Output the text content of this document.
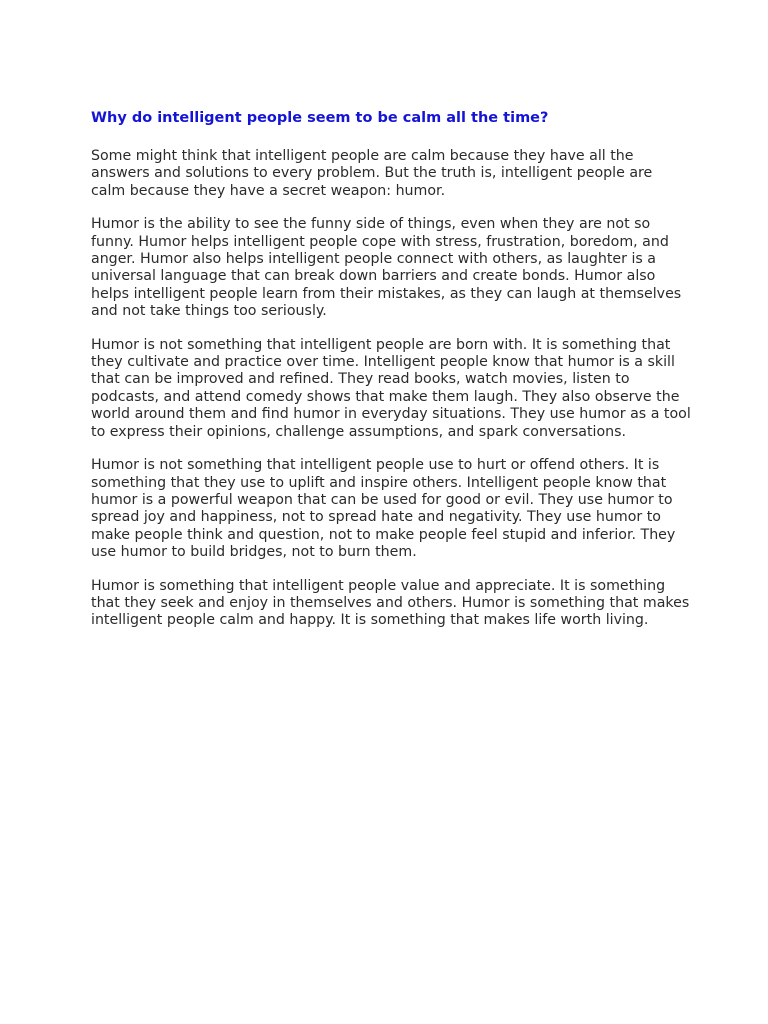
Why do intelligent people seem to be calm all the time?

Some might think that intelligent people are calm because they have all the answers and solutions to every problem. But the truth is, intelligent people are calm because they have a secret weapon: humor.

Humor is the ability to see the funny side of things, even when they are not so funny. Humor helps intelligent people cope with stress, frustration, boredom, and anger. Humor also helps intelligent people connect with others, as laughter is a universal language that can break down barriers and create bonds. Humor also helps intelligent people learn from their mistakes, as they can laugh at themselves and not take things too seriously.

Humor is not something that intelligent people are born with. It is something that they cultivate and practice over time. Intelligent people know that humor is a skill that can be improved and refined. They read books, watch movies, listen to podcasts, and attend comedy shows that make them laugh. They also observe the world around them and find humor in everyday situations. They use humor as a tool to express their opinions, challenge assumptions, and spark conversations.

Humor is not something that intelligent people use to hurt or offend others. It is something that they use to uplift and inspire others. Intelligent people know that humor is a powerful weapon that can be used for good or evil. They use humor to spread joy and happiness, not to spread hate and negativity. They use humor to make people think and question, not to make people feel stupid and inferior. They use humor to build bridges, not to burn them.

Humor is something that intelligent people value and appreciate. It is something that they seek and enjoy in themselves and others. Humor is something that makes intelligent people calm and happy. It is something that makes life worth living.
